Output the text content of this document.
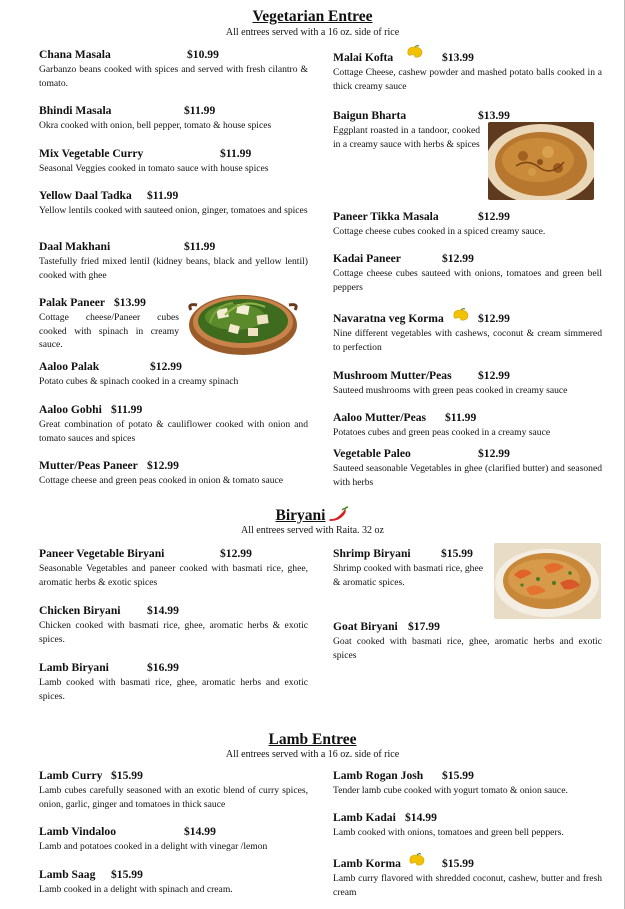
Vegetarian Entree
All entrees served with a 16 oz. side of rice
Chana Masala	$10.99
Garbanzo beans cooked with spices and served with fresh cilantro & tomato.
Bhindi Masala	$11.99
Okra cooked with onion, bell pepper, tomato & house spices
Mix Vegetable Curry	$11.99
Seasonal Veggies cooked in tomato sauce with house spices
Yellow Daal Tadka $11.99
Yellow lentils cooked with sauteed onion, ginger, tomatoes and spices
Daal Makhani	$11.99
Tastefully fried mixed lentil (kidney beans, black and yellow lentil) cooked with ghee
Palak Paneer $13.99
Cottage cheese/Paneer cubes cooked with spinach in creamy sauce.
Aaloo Palak	$12.99
Potato cubes & spinach cooked in a creamy spinach
Aaloo Gobhi $11.99
Great combination of potato & cauliflower cooked with onion and tomato sauces and spices
Mutter/Peas Paneer $12.99
Cottage cheese and green peas cooked in onion & tomato sauce
Malai Kofta	$13.99
Cottage Cheese, cashew powder and mashed potato balls cooked in a thick creamy sauce
Baigun Bharta	$13.99
Eggplant roasted in a tandoor, cooked in a creamy sauce with herbs & spices
Paneer Tikka Masala	$12.99
Cottage cheese cubes cooked in a spiced creamy sauce.
Kadai Paneer	$12.99
Cottage cheese cubes sauteed with onions, tomatoes and green bell peppers
Navaratna veg Korma	$12.99
Nine different vegetables with cashews, coconut & cream simmered to perfection
Mushroom Mutter/Peas $12.99
Sauteed mushrooms with green peas cooked in creamy sauce
Aaloo Mutter/Peas $11.99
Potatoes cubes and green peas cooked in a creamy sauce
Vegetable Paleo	$12.99
Sauteed seasonable Vegetables in ghee (clarified butter) and seasoned with herbs
Biryani
All entrees served with Raita. 32 oz
Paneer Vegetable Biryani	$12.99
Seasonable Vegetables and paneer cooked with basmati rice, ghee, aromatic herbs & exotic spices
Chicken Biryani $14.99
Chicken cooked with basmati rice, ghee, aromatic herbs & exotic spices.
Lamb Biryani	$16.99
Lamb cooked with basmati rice, ghee, aromatic herbs and exotic spices.
Shrimp Biryani	$15.99
Shrimp cooked with basmati rice, ghee & aromatic spices.
Goat Biryani $17.99
Goat cooked with basmati rice, ghee, aromatic herbs and exotic spices
Lamb Entree
All entrees served with a 16 oz. side of rice
Lamb Curry $15.99
Lamb cubes carefully seasoned with an exotic blend of curry spices, onion, garlic, ginger and tomatoes in thick sauce
Lamb Vindaloo	$14.99
Lamb and potatoes cooked in a delight with vinegar /lemon
Lamb Saag $15.99
Lamb cooked in a delight with spinach and cream.
Lamb Rogan Josh $15.99
Tender lamb cube cooked with yogurt tomato & onion sauce.
Lamb Kadai $14.99
Lamb cooked with onions, tomatoes and green bell peppers.
Lamb Korma	$15.99
Lamb curry flavored with shredded coconut, cashew, butter and fresh cream
